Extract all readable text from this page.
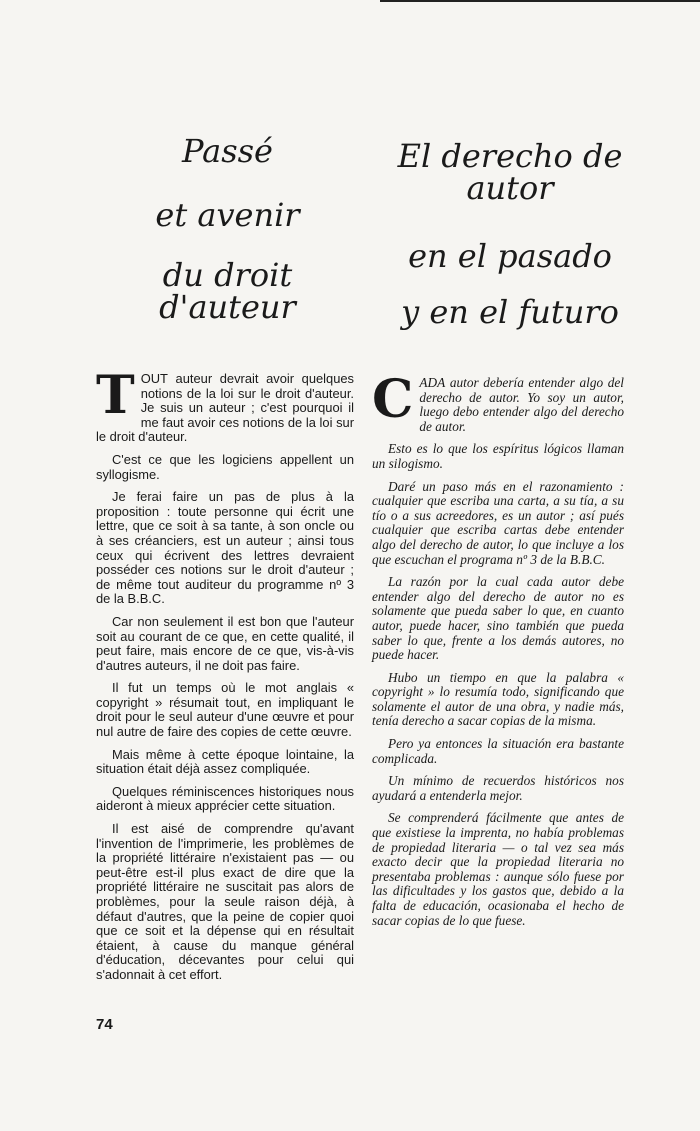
Passé
et avenir
du droit d'auteur
El derecho de autor
en el pasado
y en el futuro

TOUT auteur devrait avoir quelques notions de la loi sur le droit d'auteur. Je suis un auteur ; c'est pourquoi il me faut avoir ces notions de la loi sur le droit d'auteur.

C'est ce que les logiciens appellent un syllogisme.

Je ferai faire un pas de plus à la proposition : toute personne qui écrit une lettre, que ce soit à sa tante, à son oncle ou à ses créanciers, est un auteur ; ainsi tous ceux qui écrivent des lettres devraient posséder ces notions sur le droit d'auteur ; de même tout auditeur du programme nº 3 de la B.B.C.

Car non seulement il est bon que l'auteur soit au courant de ce que, en cette qualité, il peut faire, mais encore de ce que, vis-à-vis d'autres auteurs, il ne doit pas faire.

Il fut un temps où le mot anglais « copyright » résumait tout, en impliquant le droit pour le seul auteur d'une œuvre et pour nul autre de faire des copies de cette œuvre.

Mais même à cette époque lointaine, la situation était déjà assez compliquée.

Quelques réminiscences historiques nous aideront à mieux apprécier cette situation.

Il est aisé de comprendre qu'avant l'invention de l'imprimerie, les problèmes de la propriété littéraire n'existaient pas — ou peut-être est-il plus exact de dire que la propriété littéraire ne suscitait pas alors de problèmes, pour la seule raison déjà, à défaut d'autres, que la peine de copier quoi que ce soit et la dépense qui en résultait étaient, à cause du manque général d'éducation, décevantes pour celui qui s'adonnait à cet effort.

CADA autor debería entender algo del derecho de autor. Yo soy un autor, luego debo entender algo del derecho de autor.

Esto es lo que los espíritus lógicos llaman un silogismo.

Daré un paso más en el razonamiento : cualquier que escriba una carta, a su tía, a su tío o a sus acreedores, es un autor ; así pués cualquier que escriba cartas debe entender algo del derecho de autor, lo que incluye a los que escuchan el programa nº 3 de la B.B.C.

La razón por la cual cada autor debe entender algo del derecho de autor no es solamente que pueda saber lo que, en cuanto autor, puede hacer, sino también que pueda saber lo que, frente a los demás autores, no puede hacer.

Hubo un tiempo en que la palabra « copyright » lo resumía todo, significando que solamente el autor de una obra, y nadie más, tenía derecho a sacar copias de la misma.

Pero ya entonces la situación era bastante complicada.

Un mínimo de recuerdos históricos nos ayudará a entenderla mejor.

Se comprenderá fácilmente que antes de que existiese la imprenta, no había problemas de propiedad literaria — o tal vez sea más exacto decir que la propiedad literaria no presentaba problemas : aunque sólo fuese por las dificultades y los gastos que, debido a la falta de educación, ocasionaba el hecho de sacar copias de lo que fuese.

74
